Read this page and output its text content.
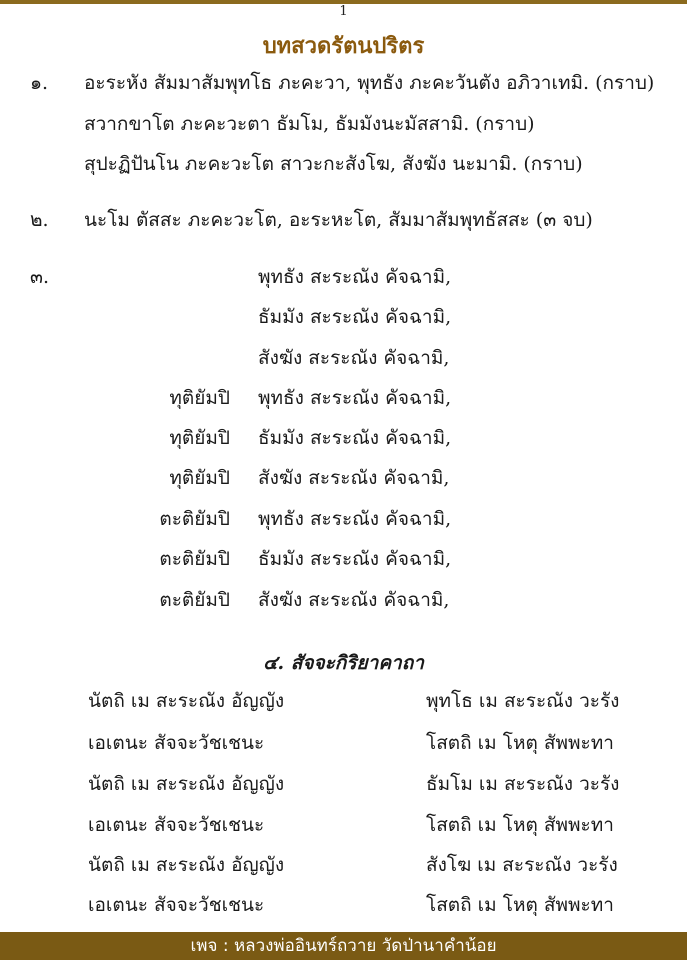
1
บทสวดรัตนปริตร
๑. อะระหัง สัมมาสัมพุทโธ ภะคะวา, พุทธัง ภะคะวันตัง อภิวาเทมิ. (กราบ)
สวากขาโต ภะคะวะตา ธัมโม, ธัมมังนะมัสสามิ. (กราบ)
สุปะฏิปันโน ภะคะวะโต สาวะกะสังโฆ, สังฆัง นะมามิ. (กราบ)
๒. นะโม ตัสสะ ภะคะวะโต, อะระหะโต, สัมมาสัมพุทธัสสะ (๓ จบ)
๓.	พุทธัง สะระณัง คัจฉามิ,
ธัมมัง สะระณัง คัจฉามิ,
สังฆัง สะระณัง คัจฉามิ,
ทุติยัมปิ พุทธัง สะระณัง คัจฉามิ,
ทุติยัมปิ ธัมมัง สะระณัง คัจฉามิ,
ทุติยัมปิ สังฆัง สะระณัง คัจฉามิ,
ตะติยัมปิ พุทธัง สะระณัง คัจฉามิ,
ตะติยัมปิ ธัมมัง สะระณัง คัจฉามิ,
ตะติยัมปิ สังฆัง สะระณัง คัจฉามิ,
๔. สัจจะกิริยาคาถา
นัตถิ เม สะระณัง อัญญัง	พุทโธ เม สะระณัง วะรัง
เอเตนะ สัจจะวัชเชนะ	โสตถิ เม โหตุ สัพพะทา
นัตถิ เม สะระณัง อัญญัง	ธัมโม เม สะระณัง วะรัง
เอเตนะ สัจจะวัชเชนะ	โสตถิ เม โหตุ สัพพะทา
นัตถิ เม สะระณัง อัญญัง	สังโฆ เม สะระณัง วะรัง
เอเตนะ สัจจะวัชเชนะ	โสตถิ เม โหตุ สัพพะทา
เพจ : หลวงพ่ออินทร์ถวาย วัดป่านาคำน้อย
